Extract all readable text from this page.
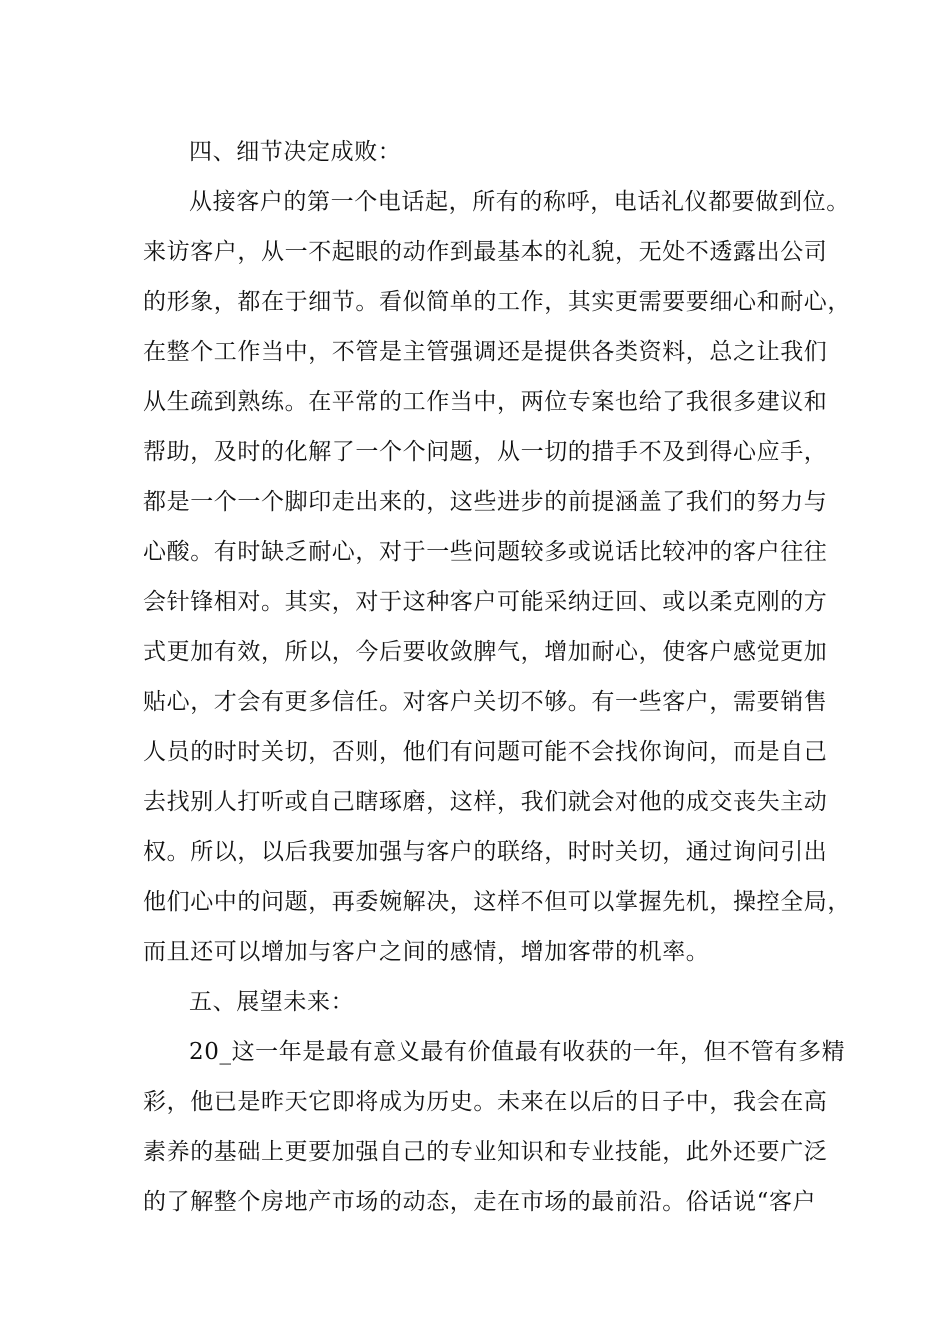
四、细节决定成败：
从接客户的第一个电话起，所有的称呼，电话礼仪都要做到位。
来访客户，从一不起眼的动作到最基本的礼貌，无处不透露出公司
的形象，都在于细节。看似简单的工作，其实更需要要细心和耐心，
在整个工作当中，不管是主管强调还是提供各类资料，总之让我们
从生疏到熟练。在平常的工作当中，两位专案也给了我很多建议和
帮助，及时的化解了一个个问题，从一切的措手不及到得心应手，
都是一个一个脚印走出来的，这些进步的前提涵盖了我们的努力与
心酸。有时缺乏耐心，对于一些问题较多或说话比较冲的客户往往
会针锋相对。其实，对于这种客户可能采纳迂回、或以柔克刚的方
式更加有效，所以，今后要收敛脾气，增加耐心，使客户感觉更加
贴心，才会有更多信任。对客户关切不够。有一些客户，需要销售
人员的时时关切，否则，他们有问题可能不会找你询问，而是自己
去找别人打听或自己瞎琢磨，这样，我们就会对他的成交丧失主动
权。所以，以后我要加强与客户的联络，时时关切，通过询问引出
他们心中的问题，再委婉解决，这样不但可以掌握先机，操控全局，
而且还可以增加与客户之间的感情，增加客带的机率。
五、展望未来：
20_这一年是最有意义最有价值最有收获的一年，但不管有多精
彩，他已是昨天它即将成为历史。未来在以后的日子中，我会在高
素养的基础上更要加强自己的专业知识和专业技能，此外还要广泛
的了解整个房地产市场的动态，走在市场的最前沿。俗话说“客户
